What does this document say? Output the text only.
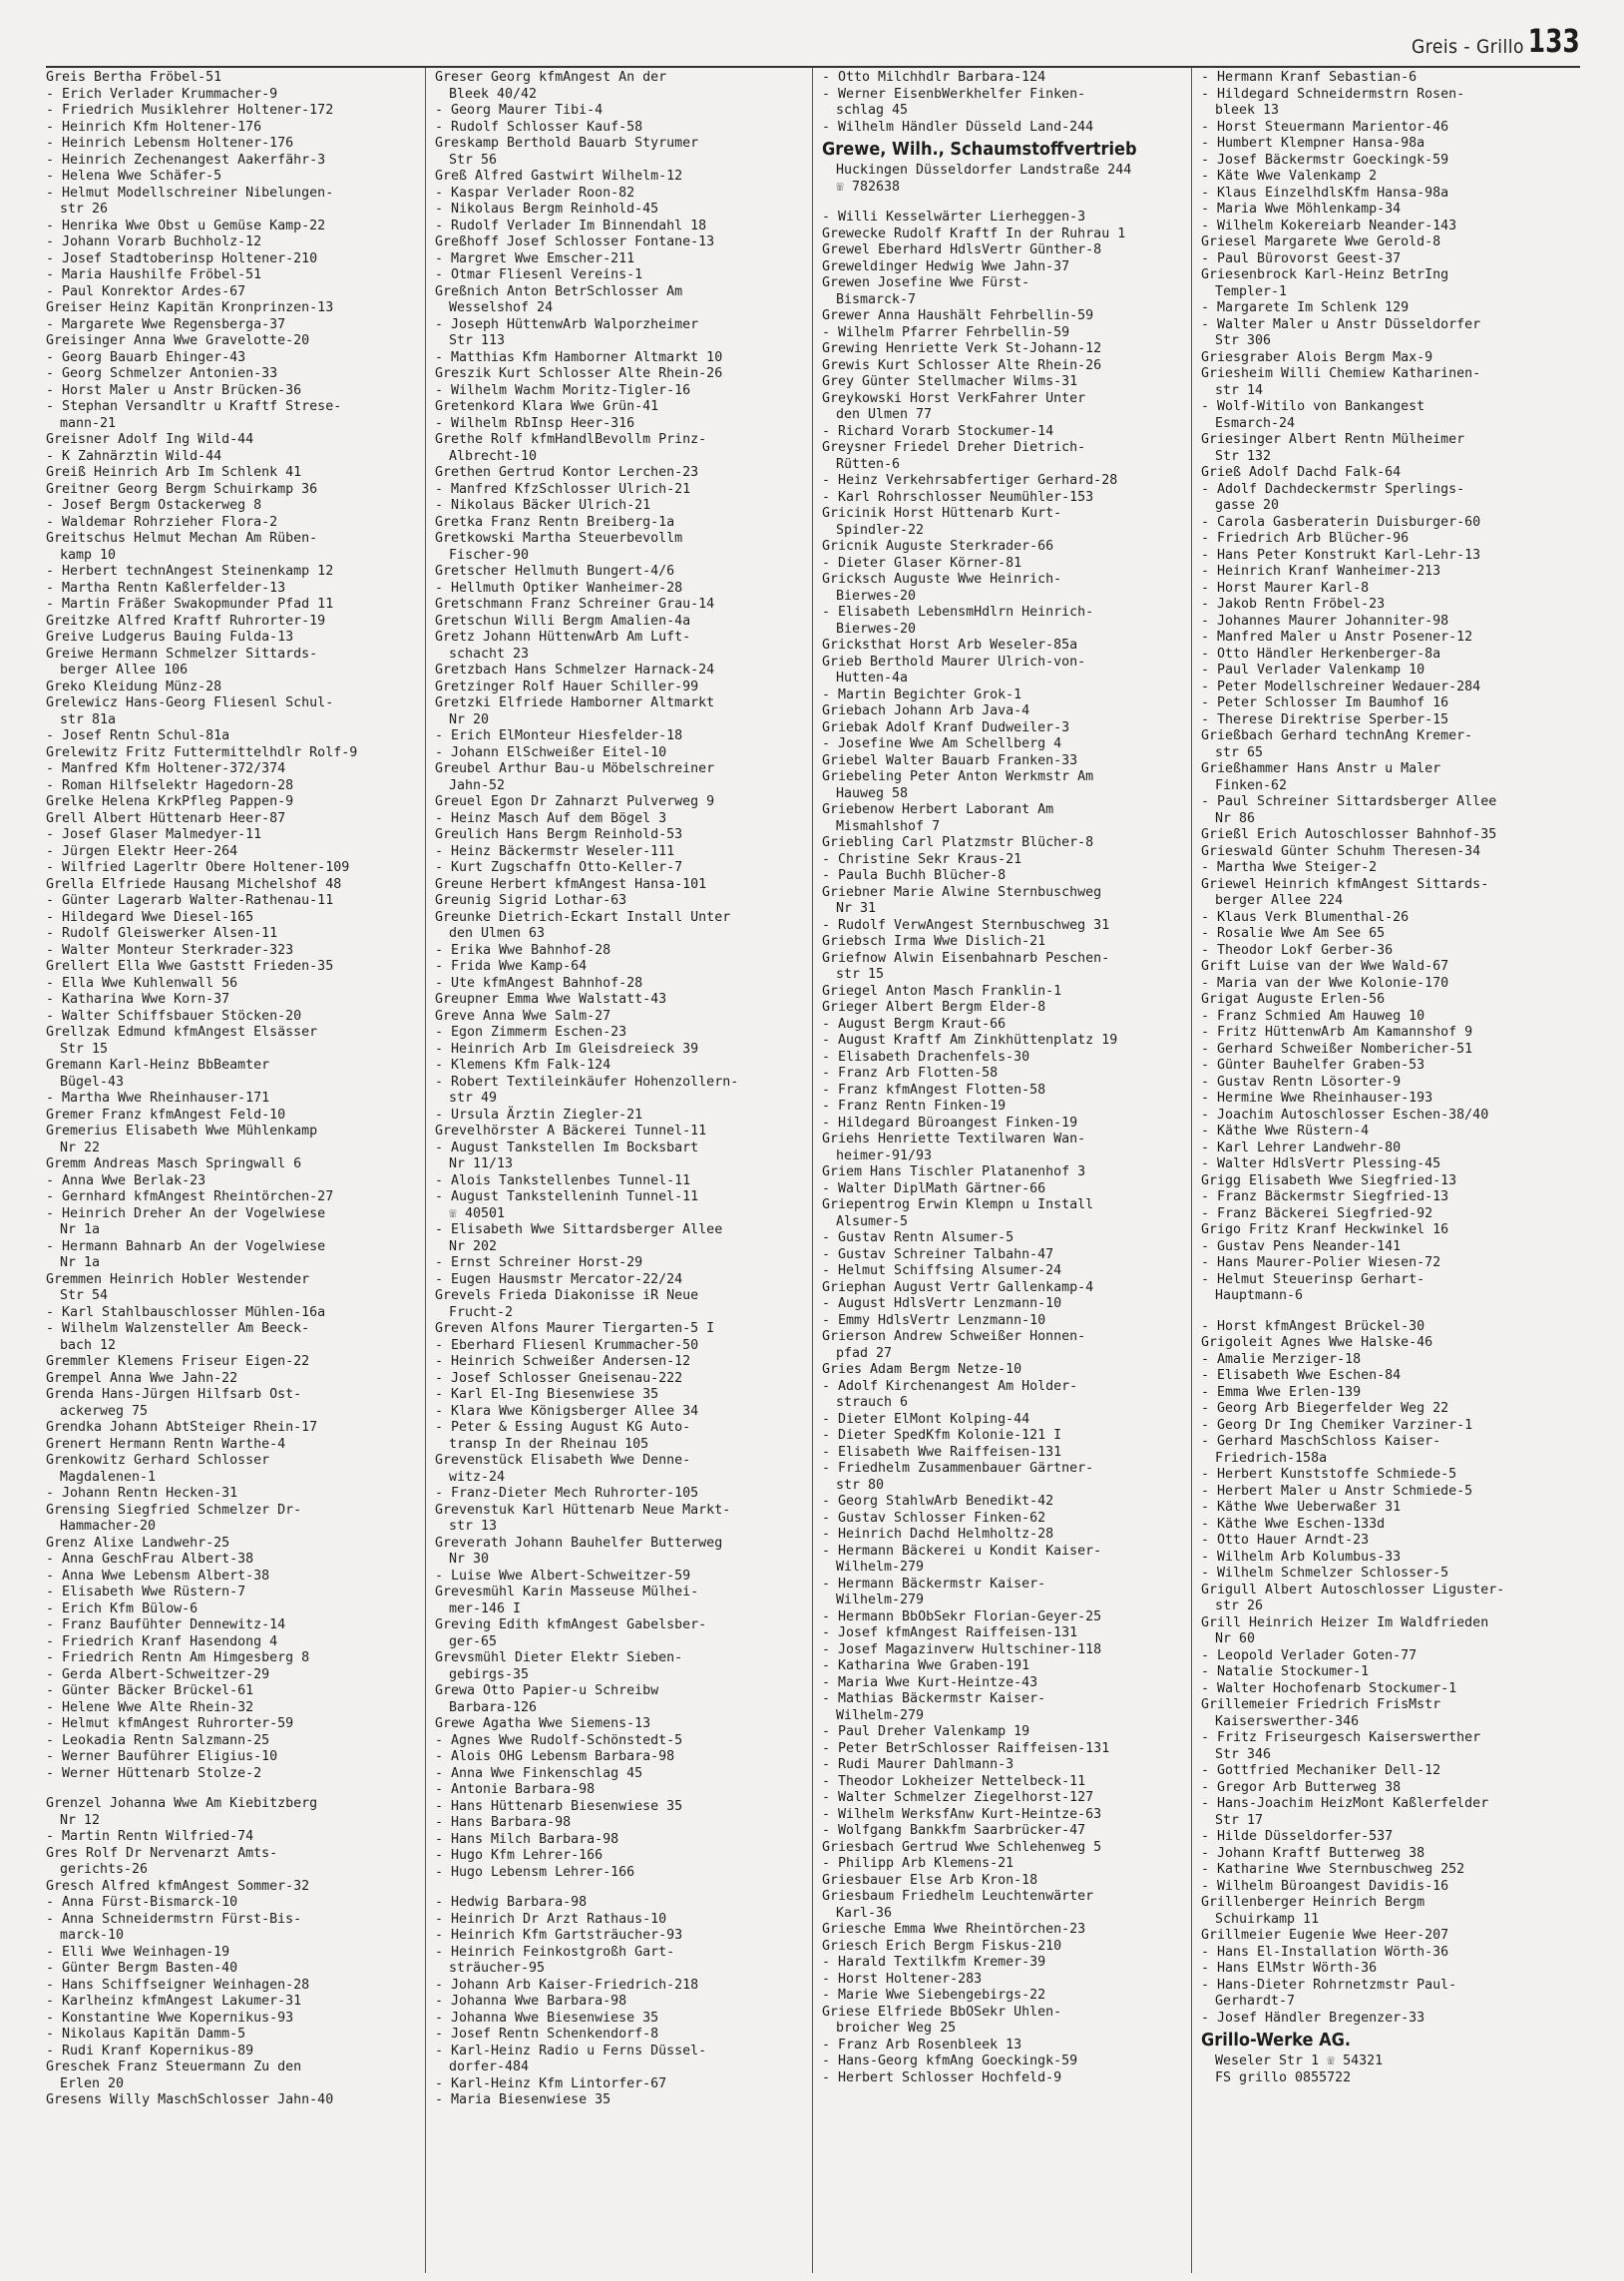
Greis - Grillo 133
Greis Bertha Fröbel-51
- Erich Verlader Krummacher-9
- Friedrich Musiklehrer Holtener-172
- Heinrich Kfm Holtener-176
- Heinrich Lebensm Holtener-176
- Heinrich Zechenangest Aakerfähr-3
- Helena Wwe Schäfer-5
- Helmut Modellschreiner Nibelungen-
str 26
- Henrika Wwe Obst u Gemüse Kamp-22
- Johann Vorarb Buchholz-12
- Josef Stadtoberinsp Holtener-210
- Maria Haushilfe Fröbel-51
- Paul Konrektor Ardes-67
Greiser Heinz Kapitän Kronprinzen-13
- Margarete Wwe Regensberga-37
Greisinger Anna Wwe Gravelotte-20
- Georg Bauarb Ehinger-43
- Georg Schmelzer Antonien-33
- Horst Maler u Anstr Brücken-36
- Stephan Versandltr u Kraftf Strese-
mann-21
Greisner Adolf Ing Wild-44
- K Zahnärztin Wild-44
Greiß Heinrich Arb Im Schlenk 41
Greitner Georg Bergm Schuirkamp 36
- Josef Bergm Ostackerweg 8
- Waldemar Rohrzieher Flora-2
Greitschus Helmut Mechan Am Rüben-
kamp 10
- Herbert technAngest Steinenkamp 12
- Martha Rentn Kaßlerfelder-13
- Martin Fräßer Swakopmunder Pfad 11
Greitzke Alfred Kraftf Ruhrorter-19
Greive Ludgerus Bauing Fulda-13
Greiwe Hermann Schmelzer Sittards-
berger Allee 106
Greko Kleidung Münz-28
Grelewicz Hans-Georg Fliesenl Schul-
str 81a
- Josef Rentn Schul-81a
Grelewitz Fritz Futtermittelhdlr Rolf-9
- Manfred Kfm Holtener-372/374
- Roman Hilfselektr Hagedorn-28
Grelke Helena KrkPfleg Pappen-9
Grell Albert Hüttenarb Heer-87
- Josef Glaser Malmedyer-11
- Jürgen Elektr Heer-264
- Wilfried Lagerltr Obere Holtener-109
Grella Elfriede Hausang Michelshof 48
- Günter Lagerarb Walter-Rathenau-11
- Hildegard Wwe Diesel-165
- Rudolf Gleiswerker Alsen-11
- Walter Monteur Sterkrader-323
Grellert Ella Wwe Gaststt Frieden-35
- Ella Wwe Kuhlenwall 56
- Katharina Wwe Korn-37
- Walter Schiffsbauer Stöcken-20
Grellzak Edmund kfmAngest Elsässer
Str 15
Gremann Karl-Heinz BbBeamter
Bügel-43
- Martha Wwe Rheinhauser-171
Gremer Franz kfmAngest Feld-10
Gremerius Elisabeth Wwe Mühlenkamp
Nr 22
Gremm Andreas Masch Springwall 6
- Anna Wwe Berlak-23
- Gernhard kfmAngest Rheintörchen-27
- Heinrich Dreher An der Vogelwiese
Nr 1a
- Hermann Bahnarb An der Vogelwiese
Nr 1a
Gremmen Heinrich Hobler Westender
Str 54
- Karl Stahlbauschlosser Mühlen-16a
- Wilhelm Walzensteller Am Beeck-
bach 12
Gremmler Klemens Friseur Eigen-22
Grempel Anna Wwe Jahn-22
Grenda Hans-Jürgen Hilfsarb Ost-
ackerweg 75
Grendka Johann AbtSteiger Rhein-17
Grenert Hermann Rentn Warthe-4
Grenkowitz Gerhard Schlosser
Magdalenen-1
- Johann Rentn Hecken-31
Grensing Siegfried Schmelzer Dr-
Hammacher-20
Grenz Alixe Landwehr-25
- Anna GeschFrau Albert-38
- Anna Wwe Lebensm Albert-38
- Elisabeth Wwe Rüstern-7
- Erich Kfm Bülow-6
- Franz Baufühter Dennewitz-14
- Friedrich Kranf Hasendong 4
- Friedrich Rentn Am Himgesberg 8
- Gerda Albert-Schweitzer-29
- Günter Bäcker Brückel-61
- Helene Wwe Alte Rhein-32
- Helmut kfmAngest Ruhrorter-59
- Leokadia Rentn Salzmann-25
- Werner Bauführer Eligius-10
- Werner Hüttenarb Stolze-2
Grenzel Johanna Wwe Am Kiebitzberg
Nr 12
- Martin Rentn Wilfried-74
Gres Rolf Dr Nervenarzt Amts-
gerichts-26
Gresch Alfred kfmAngest Sommer-32
- Anna Fürst-Bismarck-10
- Anna Schneidermstrn Fürst-Bis-
marck-10
- Elli Wwe Weinhagen-19
- Günter Bergm Basten-40
- Hans Schiffseigner Weinhagen-28
- Karlheinz kfmAngest Lakumer-31
- Konstantine Wwe Kopernikus-93
- Nikolaus Kapitän Damm-5
- Rudi Kranf Kopernikus-89
Greschek Franz Steuermann Zu den
Erlen 20
Gresens Willy MaschSchlosser Jahn-40
Greser Georg kfmAngest An der
Bleek 40/42
- Georg Maurer Tibi-4
- Rudolf Schlosser Kauf-58
Greskamp Berthold Bauarb Styrumer
Str 56
Greß Alfred Gastwirt Wilhelm-12
- Kaspar Verlader Roon-82
- Nikolaus Bergm Reinhold-45
- Rudolf Verlader Im Binnendahl 18
Greßhoff Josef Schlosser Fontane-13
- Margret Wwe Emscher-211
- Otmar Fliesenl Vereins-1
Greßnich Anton BetrSchlosser Am
Wesselshof 24
- Joseph HüttenwArb Walporzheimer
Str 113
- Matthias Kfm Hamborner Altmarkt 10
Greszik Kurt Schlosser Alte Rhein-26
- Wilhelm Wachm Moritz-Tigler-16
Gretenkord Klara Wwe Grün-41
- Wilhelm RbInsp Heer-316
Grethe Rolf kfmHandlBevollm Prinz-
Albrecht-10
Grethen Gertrud Kontor Lerchen-23
- Manfred KfzSchlosser Ulrich-21
- Nikolaus Bäcker Ulrich-21
Gretka Franz Rentn Breiberg-1a
Gretkowski Martha Steuerbevollm
Fischer-90
Gretscher Hellmuth Bungert-4/6
- Hellmuth Optiker Wanheimer-28
Gretschmann Franz Schreiner Grau-14
Gretschun Willi Bergm Amalien-4a
Gretz Johann HüttenwArb Am Luft-
schacht 23
Gretzbach Hans Schmelzer Harnack-24
Gretzinger Rolf Hauer Schiller-99
Gretzki Elfriede Hamborner Altmarkt
Nr 20
- Erich ElMonteur Hiesfelder-18
- Johann ElSchweißer Eitel-10
Greubel Arthur Bau-u Möbelschreiner
Jahn-52
Greuel Egon Dr Zahnarzt Pulverweg 9
- Heinz Masch Auf dem Bögel 3
Greulich Hans Bergm Reinhold-53
- Heinz Bäckermstr Weseler-111
- Kurt Zugschaffn Otto-Keller-7
Greune Herbert kfmAngest Hansa-101
Greunig Sigrid Lothar-63
Greunke Dietrich-Eckart Install Unter
den Ulmen 63
- Erika Wwe Bahnhof-28
- Frida Wwe Kamp-64
- Ute kfmAngest Bahnhof-28
Greupner Emma Wwe Walstatt-43
Greve Anna Wwe Salm-27
- Egon Zimmerm Eschen-23
- Heinrich Arb Im Gleisdreieck 39
- Klemens Kfm Falk-124
- Robert Textileinkäufer Hohenzollern-
str 49
- Ursula Ärztin Ziegler-21
Grevelhörster A Bäckerei Tunnel-11
- August Tankstellen Im Bocksbart
Nr 11/13
- Alois Tankstellenbes Tunnel-11
- August Tankstelleninh Tunnel-11
☏ 40501
- Elisabeth Wwe Sittardsberger Allee
Nr 202
- Ernst Schreiner Horst-29
- Eugen Hausmstr Mercator-22/24
Grevels Frieda Diakonisse iR Neue
Frucht-2
Greven Alfons Maurer Tiergarten-5 I
- Eberhard Fliesenl Krummacher-50
- Heinrich Schweißer Andersen-12
- Josef Schlosser Gneisenau-222
- Karl El-Ing Biesenwiese 35
- Klara Wwe Königsberger Allee 34
- Peter & Essing August KG Auto-
transp In der Rheinau 105
Grevenstück Elisabeth Wwe Denne-
witz-24
- Franz-Dieter Mech Ruhrorter-105
Grevenstuk Karl Hüttenarb Neue Markt-
str 13
Greverath Johann Bauhelfer Butterweg
Nr 30
- Luise Wwe Albert-Schweitzer-59
Grevesmühl Karin Masseuse Mülhei-
mer-146 I
Greving Edith kfmAngest Gabelsber-
ger-65
Grevsmühl Dieter Elektr Sieben-
gebirgs-35
Grewa Otto Papier-u Schreibw
Barbara-126
Grewe Agatha Wwe Siemens-13
- Agnes Wwe Rudolf-Schönstedt-5
- Alois OHG Lebensm Barbara-98
- Anna Wwe Finkenschlag 45
- Antonie Barbara-98
- Hans Hüttenarb Biesenwiese 35
- Hans Barbara-98
- Hans Milch Barbara-98
- Hugo Kfm Lehrer-166
- Hugo Lebensm Lehrer-166
- Hedwig Barbara-98
- Heinrich Dr Arzt Rathaus-10
- Heinrich Kfm Gartsträucher-93
- Heinrich Feinkostgroßh Gart-
sträucher-95
- Johann Arb Kaiser-Friedrich-218
- Johanna Wwe Barbara-98
- Johanna Wwe Biesenwiese 35
- Josef Rentn Schenkendorf-8
- Karl-Heinz Radio u Ferns Düssel-
dorfer-484
- Karl-Heinz Kfm Lintorfer-67
- Maria Biesenwiese 35
- Otto Milchhdlr Barbara-124
- Werner EisenbWerkhelfer Finken-
schlag 45
- Wilhelm Händler Düsseld Land-244
Grewe, Wilh., Schaumstoffvertrieb
Huckingen Düsseldorfer Landstraße 244
☏ 782638
- Willi Kesselwärter Lierheggen-3
Grewecke Rudolf Kraftf In der Ruhrau 1
Grewel Eberhard HdlsVertr Günther-8
Greweldinger Hedwig Wwe Jahn-37
Grewen Josefine Wwe Fürst-
Bismarck-7
Grewer Anna Haushält Fehrbellin-59
- Wilhelm Pfarrer Fehrbellin-59
Grewing Henriette Verk St-Johann-12
Grewis Kurt Schlosser Alte Rhein-26
Grey Günter Stellmacher Wilms-31
Greykowski Horst VerkFahrer Unter
den Ulmen 77
- Richard Vorarb Stockumer-14
Greysner Friedel Dreher Dietrich-
Rütten-6
- Heinz Verkehrsabfertiger Gerhard-28
- Karl Rohrschlosser Neumühler-153
Gricinik Horst Hüttenarb Kurt-
Spindler-22
Gricnik Auguste Sterkrader-66
- Dieter Glaser Körner-81
Gricksch Auguste Wwe Heinrich-
Bierwes-20
- Elisabeth LebensmHdlrn Heinrich-
Bierwes-20
Gricksthat Horst Arb Weseler-85a
Grieb Berthold Maurer Ulrich-von-
Hutten-4a
- Martin Begichter Grok-1
Griebach Johann Arb Java-4
Griebak Adolf Kranf Dudweiler-3
- Josefine Wwe Am Schellberg 4
Griebel Walter Bauarb Franken-33
Griebeling Peter Anton Werkmstr Am
Hauweg 58
Griebenow Herbert Laborant Am
Mismahlshof 7
Griebling Carl Platzmstr Blücher-8
- Christine Sekr Kraus-21
- Paula Buchh Blücher-8
Griebner Marie Alwine Sternbuschweg
Nr 31
- Rudolf VerwAngest Sternbuschweg 31
Griebsch Irma Wwe Dislich-21
Griefnow Alwin Eisenbahnarb Peschen-
str 15
Griegel Anton Masch Franklin-1
Grieger Albert Bergm Elder-8
- August Bergm Kraut-66
- August Kraftf Am Zinkhüttenplatz 19
- Elisabeth Drachenfels-30
- Franz Arb Flotten-58
- Franz kfmAngest Flotten-58
- Franz Rentn Finken-19
- Hildegard Büroangest Finken-19
Griehs Henriette Textilwaren Wan-
heimer-91/93
Griem Hans Tischler Platanenhof 3
- Walter DiplMath Gärtner-66
Griepentrog Erwin Klempn u Install
Alsumer-5
- Gustav Rentn Alsumer-5
- Gustav Schreiner Talbahn-47
- Helmut Schiffsing Alsumer-24
Griephan August Vertr Gallenkamp-4
- August HdlsVertr Lenzmann-10
- Emmy HdlsVertr Lenzmann-10
Grierson Andrew Schweißer Honnen-
pfad 27
Gries Adam Bergm Netze-10
- Adolf Kirchenangest Am Holder-
strauch 6
- Dieter ElMont Kolping-44
- Dieter SpedKfm Kolonie-121 I
- Elisabeth Wwe Raiffeisen-131
- Friedhelm Zusammenbauer Gärtner-
str 80
- Georg StahlwArb Benedikt-42
- Gustav Schlosser Finken-62
- Heinrich Dachd Helmholtz-28
- Hermann Bäckerei u Kondit Kaiser-
Wilhelm-279
- Hermann Bäckermstr Kaiser-
Wilhelm-279
- Hermann BbObSekr Florian-Geyer-25
- Josef kfmAngest Raiffeisen-131
- Josef Magazinverw Hultschiner-118
- Katharina Wwe Graben-191
- Maria Wwe Kurt-Heintze-43
- Mathias Bäckermstr Kaiser-
Wilhelm-279
- Paul Dreher Valenkamp 19
- Peter BetrSchlosser Raiffeisen-131
- Rudi Maurer Dahlmann-3
- Theodor Lokheizer Nettelbeck-11
- Walter Schmelzer Ziegelhorst-127
- Wilhelm WerksfAnw Kurt-Heintze-63
- Wolfgang Bankkfm Saarbrücker-47
Griesbach Gertrud Wwe Schlehenweg 5
- Philipp Arb Klemens-21
Griesbauer Else Arb Kron-18
Griesbaum Friedhelm Leuchtenwärter
Karl-36
Griesche Emma Wwe Rheintörchen-23
Griesch Erich Bergm Fiskus-210
- Harald Textilkfm Kremer-39
- Horst Holtener-283
- Marie Wwe Siebengebirgs-22
Griese Elfriede BbOSekr Uhlen-
broicher Weg 25
- Franz Arb Rosenbleek 13
- Hans-Georg kfmAng Goeckingk-59
- Herbert Schlosser Hochfeld-9
- Hermann Kranf Sebastian-6
- Hildegard Schneidermstrn Rosen-
bleek 13
- Horst Steuermann Marientor-46
- Humbert Klempner Hansa-98a
- Josef Bäckermstr Goeckingk-59
- Käte Wwe Valenkamp 2
- Klaus EinzelhdlsKfm Hansa-98a
- Maria Wwe Möhlenkamp-34
- Wilhelm Kokereiarb Neander-143
Griesel Margarete Wwe Gerold-8
- Paul Bürovorst Geest-37
Griesenbrock Karl-Heinz BetrIng
Templer-1
- Margarete Im Schlenk 129
- Walter Maler u Anstr Düsseldorfer
Str 306
Griesgraber Alois Bergm Max-9
Griesheim Willi Chemiew Katharinen-
str 14
- Wolf-Witilo von Bankangest
Esmarch-24
Griesinger Albert Rentn Mülheimer
Str 132
Grieß Adolf Dachd Falk-64
- Adolf Dachdeckermstr Sperlings-
gasse 20
- Carola Gasberaterin Duisburger-60
- Friedrich Arb Blücher-96
- Hans Peter Konstrukt Karl-Lehr-13
- Heinrich Kranf Wanheimer-213
- Horst Maurer Karl-8
- Jakob Rentn Fröbel-23
- Johannes Maurer Johanniter-98
- Manfred Maler u Anstr Posener-12
- Otto Händler Herkenberger-8a
- Paul Verlader Valenkamp 10
- Peter Modellschreiner Wedauer-284
- Peter Schlosser Im Baumhof 16
- Therese Direktrise Sperber-15
Grießbach Gerhard technAng Kremer-
str 65
Grießhammer Hans Anstr u Maler
Finken-62
- Paul Schreiner Sittardsberger Allee
Nr 86
Grießl Erich Autoschlosser Bahnhof-35
Grieswald Günter Schuhm Theresen-34
- Martha Wwe Steiger-2
Griewel Heinrich kfmAngest Sittards-
berger Allee 224
- Klaus Verk Blumenthal-26
- Rosalie Wwe Am See 65
- Theodor Lokf Gerber-36
Grift Luise van der Wwe Wald-67
- Maria van der Wwe Kolonie-170
Grigat Auguste Erlen-56
- Franz Schmied Am Hauweg 10
- Fritz HüttenwArb Am Kamannshof 9
- Gerhard Schweißer Nombericher-51
- Günter Bauhelfer Graben-53
- Gustav Rentn Lösorter-9
- Hermine Wwe Rheinhauser-193
- Joachim Autoschlosser Eschen-38/40
- Käthe Wwe Rüstern-4
- Karl Lehrer Landwehr-80
- Walter HdlsVertr Plessing-45
Grigg Elisabeth Wwe Siegfried-13
- Franz Bäckermstr Siegfried-13
- Franz Bäckerei Siegfried-92
Grigo Fritz Kranf Heckwinkel 16
- Gustav Pens Neander-141
- Hans Maurer-Polier Wiesen-72
- Helmut Steuerinsp Gerhart-
Hauptmann-6
- Horst kfmAngest Brückel-30
Grigoleit Agnes Wwe Halske-46
- Amalie Merziger-18
- Elisabeth Wwe Eschen-84
- Emma Wwe Erlen-139
- Georg Arb Biegerfelder Weg 22
- Georg Dr Ing Chemiker Varziner-1
- Gerhard MaschSchloss Kaiser-
Friedrich-158a
- Herbert Kunststoffe Schmiede-5
- Herbert Maler u Anstr Schmiede-5
- Käthe Wwe Ueberwaßer 31
- Käthe Wwe Eschen-133d
- Otto Hauer Arndt-23
- Wilhelm Arb Kolumbus-33
- Wilhelm Schmelzer Schlosser-5
Grigull Albert Autoschlosser Liguster-
str 26
Grill Heinrich Heizer Im Waldfrieden
Nr 60
- Leopold Verlader Goten-77
- Natalie Stockumer-1
- Walter Hochofenarb Stockumer-1
Grillemeier Friedrich FrisMstr
Kaiserswerther-346
- Fritz Friseurgesch Kaiserswerther
Str 346
- Gottfried Mechaniker Dell-12
- Gregor Arb Butterweg 38
- Hans-Joachim HeizMont Kaßlerfelder
Str 17
- Hilde Düsseldorfer-537
- Johann Kraftf Butterweg 38
- Katharine Wwe Sternbuschweg 252
- Wilhelm Büroangest Davidis-16
Grillenberger Heinrich Bergm
Schuirkamp 11
Grillmeier Eugenie Wwe Heer-207
- Hans El-Installation Wörth-36
- Hans ElMstr Wörth-36
- Hans-Dieter Rohrnetzmstr Paul-
Gerhardt-7
- Josef Händler Bregenzer-33
Grillo-Werke AG.
Weseler Str 1 ☏ 54321
FS grillo 0855722
